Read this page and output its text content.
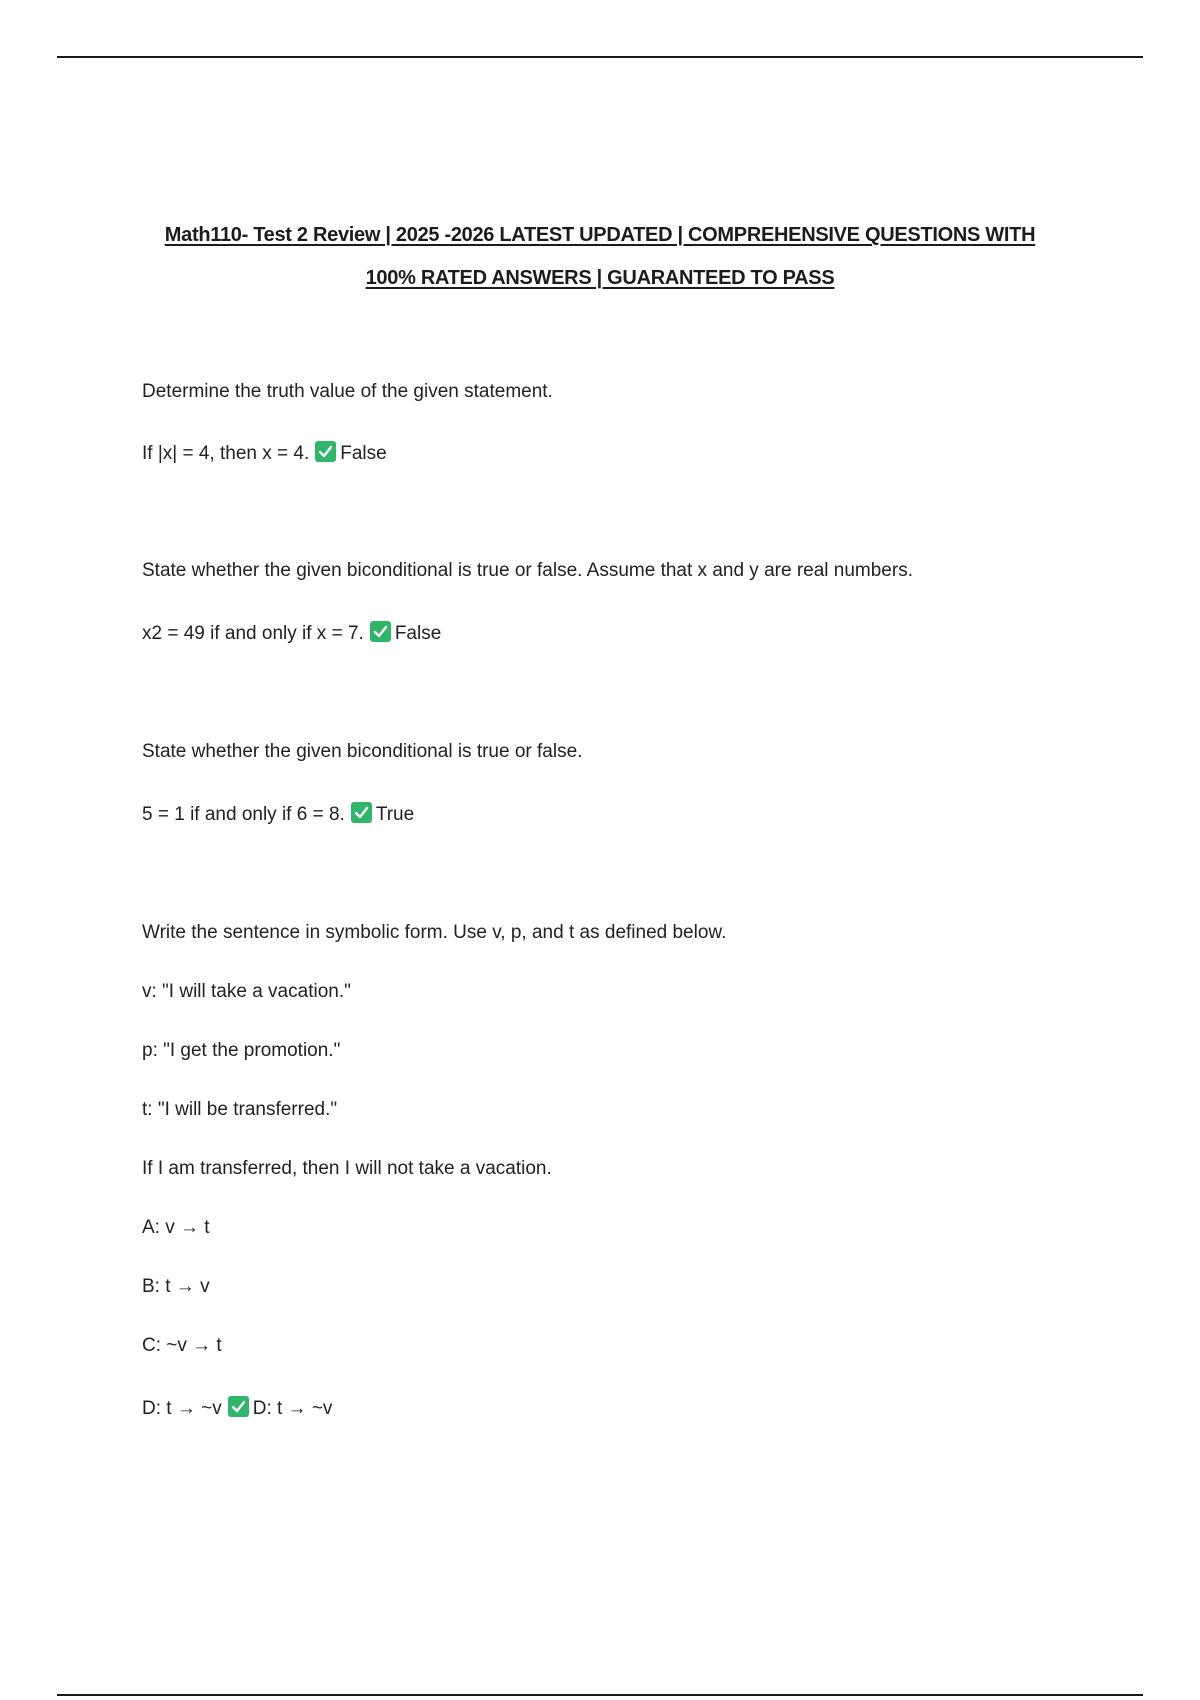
Math110- Test 2 Review | 2025 -2026 LATEST UPDATED | COMPREHENSIVE QUESTIONS WITH
100% RATED ANSWERS | GUARANTEED TO PASS
Determine the truth value of the given statement.
If |x| = 4, then x = 4. False
State whether the given biconditional is true or false. Assume that x and y are real numbers.
x2 = 49 if and only if x = 7. False
State whether the given biconditional is true or false.
5 = 1 if and only if 6 = 8. True
Write the sentence in symbolic form. Use v, p, and t as defined below.
v: "I will take a vacation."
p: "I get the promotion."
t: "I will be transferred."
If I am transferred, then I will not take a vacation.
A: v → t
B: t → v
C: ~v → t
D: t → ~v D: t → ~v
